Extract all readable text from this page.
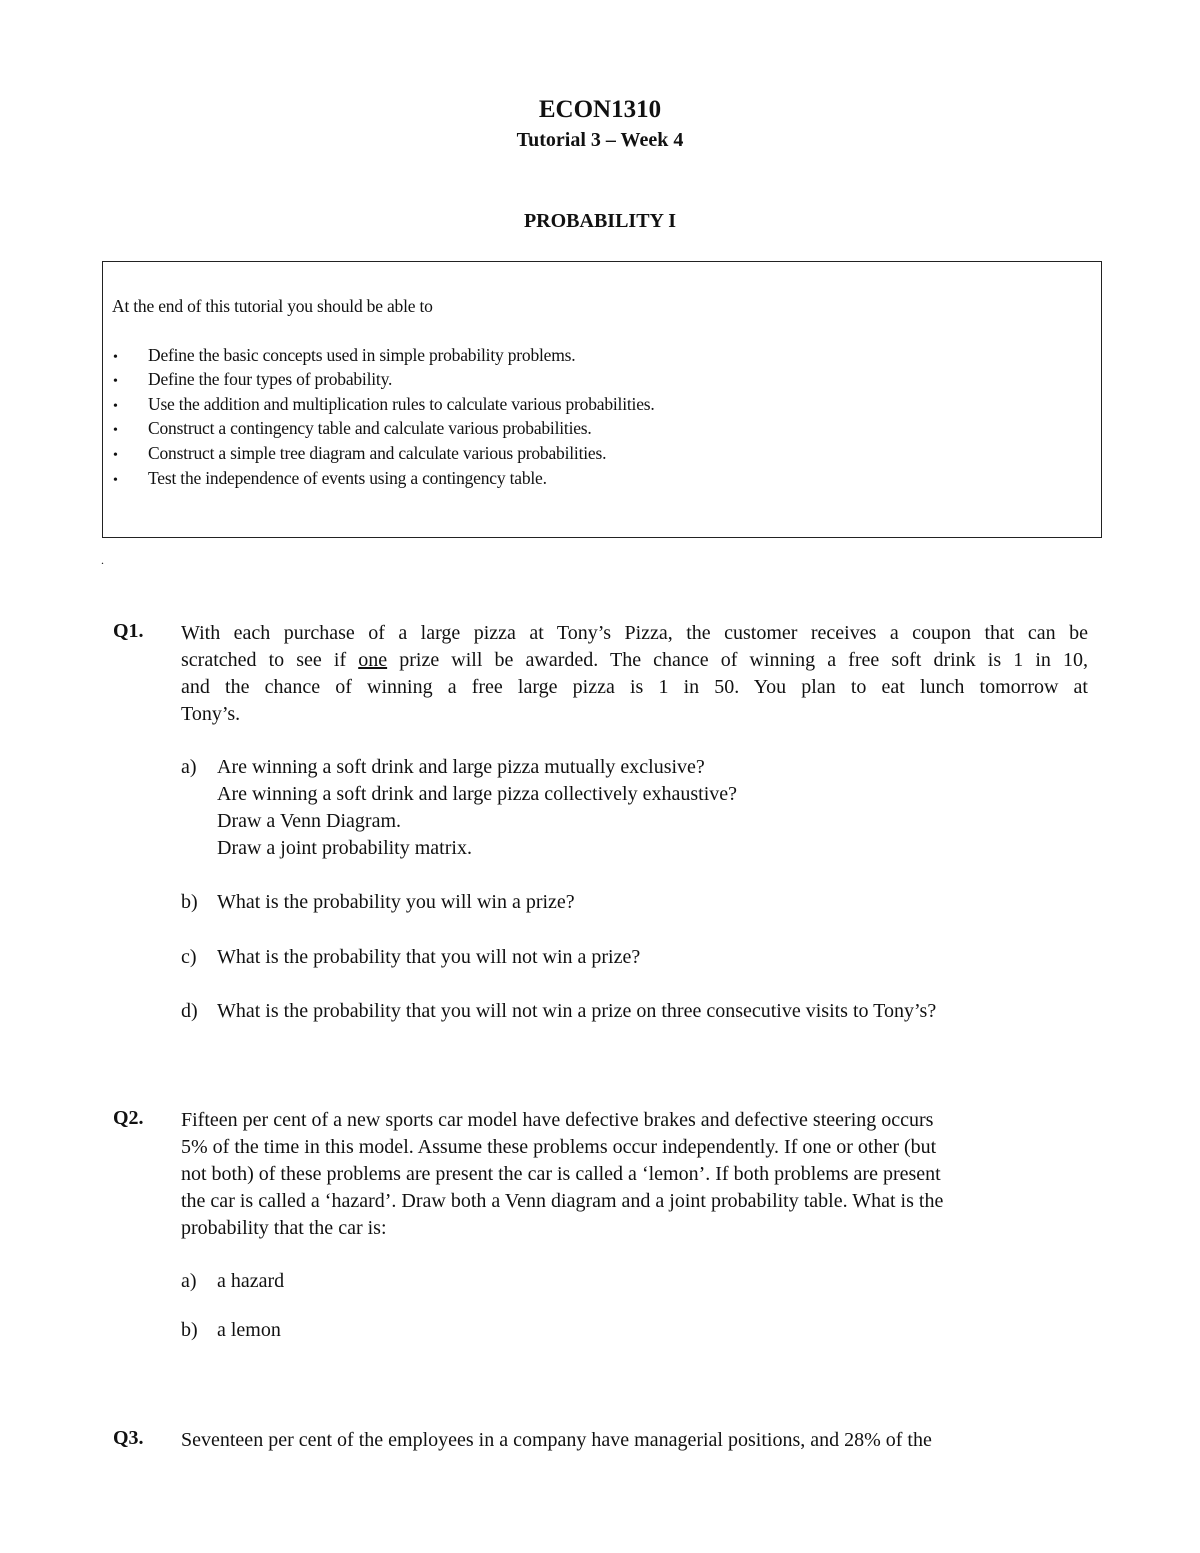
ECON1310
Tutorial 3 – Week 4
PROBABILITY I
At the end of this tutorial you should be able to
• Define the basic concepts used in simple probability problems.
• Define the four types of probability.
• Use the addition and multiplication rules to calculate various probabilities.
• Construct a contingency table and calculate various probabilities.
• Construct a simple tree diagram and calculate various probabilities.
• Test the independence of events using a contingency table.
.
Q1. With each purchase of a large pizza at Tony’s Pizza, the customer receives a coupon that can be
scratched to see if one prize will be awarded. The chance of winning a free soft drink is 1 in 10,
and the chance of winning a free large pizza is 1 in 50. You plan to eat lunch tomorrow at
Tony’s.
a) Are winning a soft drink and large pizza mutually exclusive?
Are winning a soft drink and large pizza collectively exhaustive?
Draw a Venn Diagram.
Draw a joint probability matrix.
b) What is the probability you will win a prize?
c) What is the probability that you will not win a prize?
d) What is the probability that you will not win a prize on three consecutive visits to Tony’s?
Q2. Fifteen per cent of a new sports car model have defective brakes and defective steering occurs
5% of the time in this model. Assume these problems occur independently. If one or other (but
not both) of these problems are present the car is called a ‘lemon’. If both problems are present
the car is called a ‘hazard’. Draw both a Venn diagram and a joint probability table. What is the
probability that the car is:
a) a hazard
b) a lemon
Q3. Seventeen per cent of the employees in a company have managerial positions, and 28% of the
